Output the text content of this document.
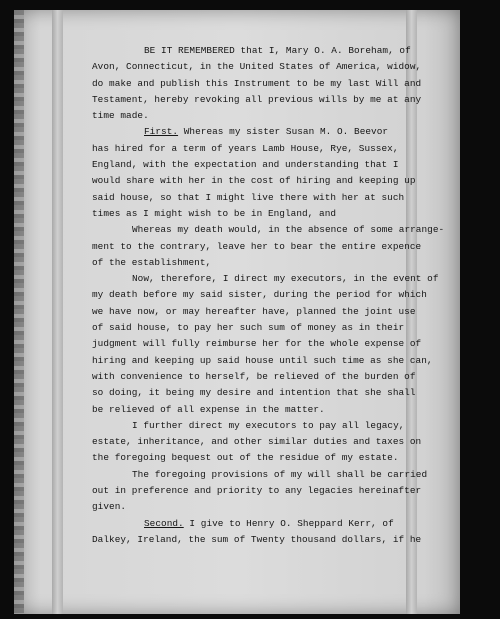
BE IT REMEMBERED that I, Mary O. A. Boreham, of
Avon, Connecticut, in the United States of America, widow,
do make and publish this Instrument to be my last Will and
Testament, hereby revoking all previous wills by me at any
time made.
First. Whereas my sister Susan M. O. Beevor
has hired for a term of years Lamb House, Rye, Sussex,
England, with the expectation and understanding that I
would share with her in the cost of hiring and keeping up
said house, so that I might live there with her at such
times as I might wish to be in England, and
Whereas my death would, in the absence of some arrange-
ment to the contrary, leave her to bear the entire expence
of the establishment,
Now, therefore, I direct my executors, in the event of
my death before my said sister, during the period for which
we have now, or may hereafter have, planned the joint use
of said house, to pay her such sum of money as in their
judgment will fully reimburse her for the whole expense of
hiring and keeping up said house until such time as she can,
with convenience to herself, be relieved of the burden of
so doing, it being my desire and intention that she shall
be relieved of all expense in the matter.
I further direct my executors to pay all legacy,
estate, inheritance, and other similar duties and taxes on
the foregoing bequest out of the residue of my estate.
The foregoing provisions of my will shall be carried
out in preference and priority to any legacies hereinafter
given.
Second. I give to Henry O. Sheppard Kerr, of
Dalkey, Ireland, the sum of Twenty thousand dollars, if he
